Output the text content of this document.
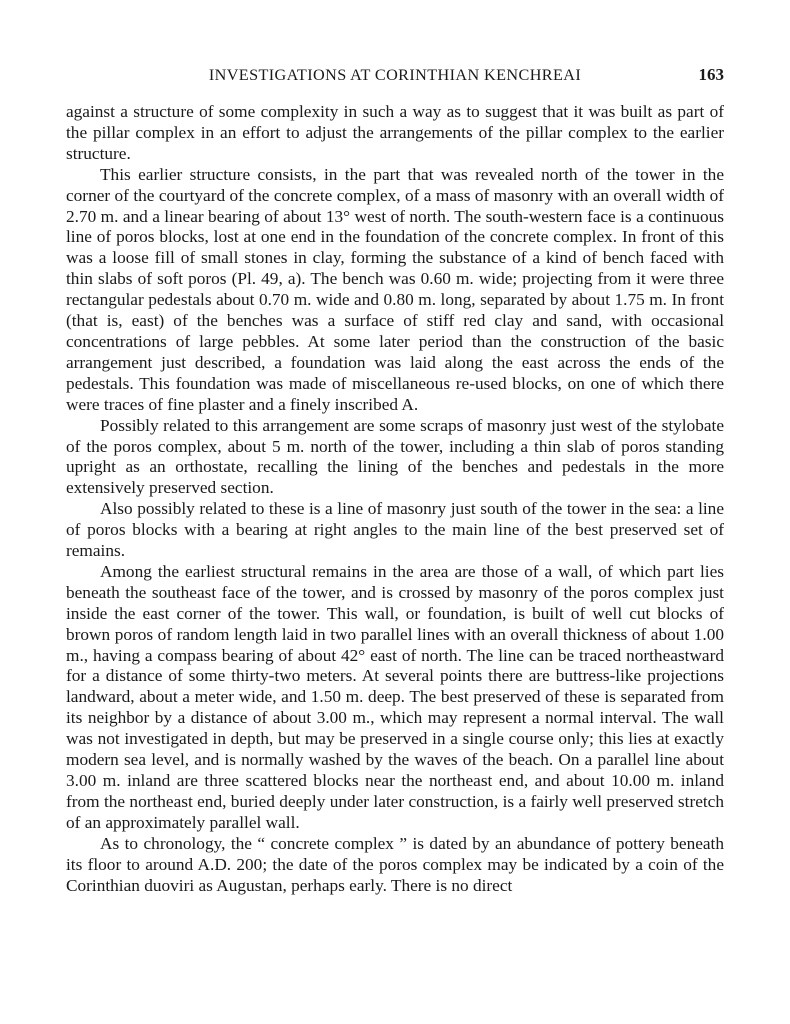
INVESTIGATIONS AT CORINTHIAN KENCHREAI	163

against a structure of some complexity in such a way as to suggest that it was built as part of the pillar complex in an effort to adjust the arrangements of the pillar complex to the earlier structure.

This earlier structure consists, in the part that was revealed north of the tower in the corner of the courtyard of the concrete complex, of a mass of masonry with an overall width of 2.70 m. and a linear bearing of about 13° west of north. The south-western face is a continuous line of poros blocks, lost at one end in the foundation of the concrete complex. In front of this was a loose fill of small stones in clay, forming the substance of a kind of bench faced with thin slabs of soft poros (Pl. 49, a). The bench was 0.60 m. wide; projecting from it were three rectangular pedestals about 0.70 m. wide and 0.80 m. long, separated by about 1.75 m. In front (that is, east) of the benches was a surface of stiff red clay and sand, with occasional concentrations of large pebbles. At some later period than the construction of the basic arrangement just described, a foundation was laid along the east across the ends of the pedestals. This foundation was made of miscellaneous re-used blocks, on one of which there were traces of fine plaster and a finely inscribed A.

Possibly related to this arrangement are some scraps of masonry just west of the stylobate of the poros complex, about 5 m. north of the tower, including a thin slab of poros standing upright as an orthostate, recalling the lining of the benches and pedestals in the more extensively preserved section.

Also possibly related to these is a line of masonry just south of the tower in the sea: a line of poros blocks with a bearing at right angles to the main line of the best preserved set of remains.

Among the earliest structural remains in the area are those of a wall, of which part lies beneath the southeast face of the tower, and is crossed by masonry of the poros complex just inside the east corner of the tower. This wall, or foundation, is built of well cut blocks of brown poros of random length laid in two parallel lines with an overall thickness of about 1.00 m., having a compass bearing of about 42° east of north. The line can be traced northeastward for a distance of some thirty-two meters. At several points there are buttress-like projections landward, about a meter wide, and 1.50 m. deep. The best preserved of these is separated from its neighbor by a distance of about 3.00 m., which may represent a normal interval. The wall was not investigated in depth, but may be preserved in a single course only; this lies at exactly modern sea level, and is normally washed by the waves of the beach. On a parallel line about 3.00 m. inland are three scattered blocks near the northeast end, and about 10.00 m. inland from the northeast end, buried deeply under later construction, is a fairly well preserved stretch of an approximately parallel wall.

As to chronology, the “ concrete complex ” is dated by an abundance of pottery beneath its floor to around A.D. 200; the date of the poros complex may be indicated by a coin of the Corinthian duoviri as Augustan, perhaps early. There is no direct
